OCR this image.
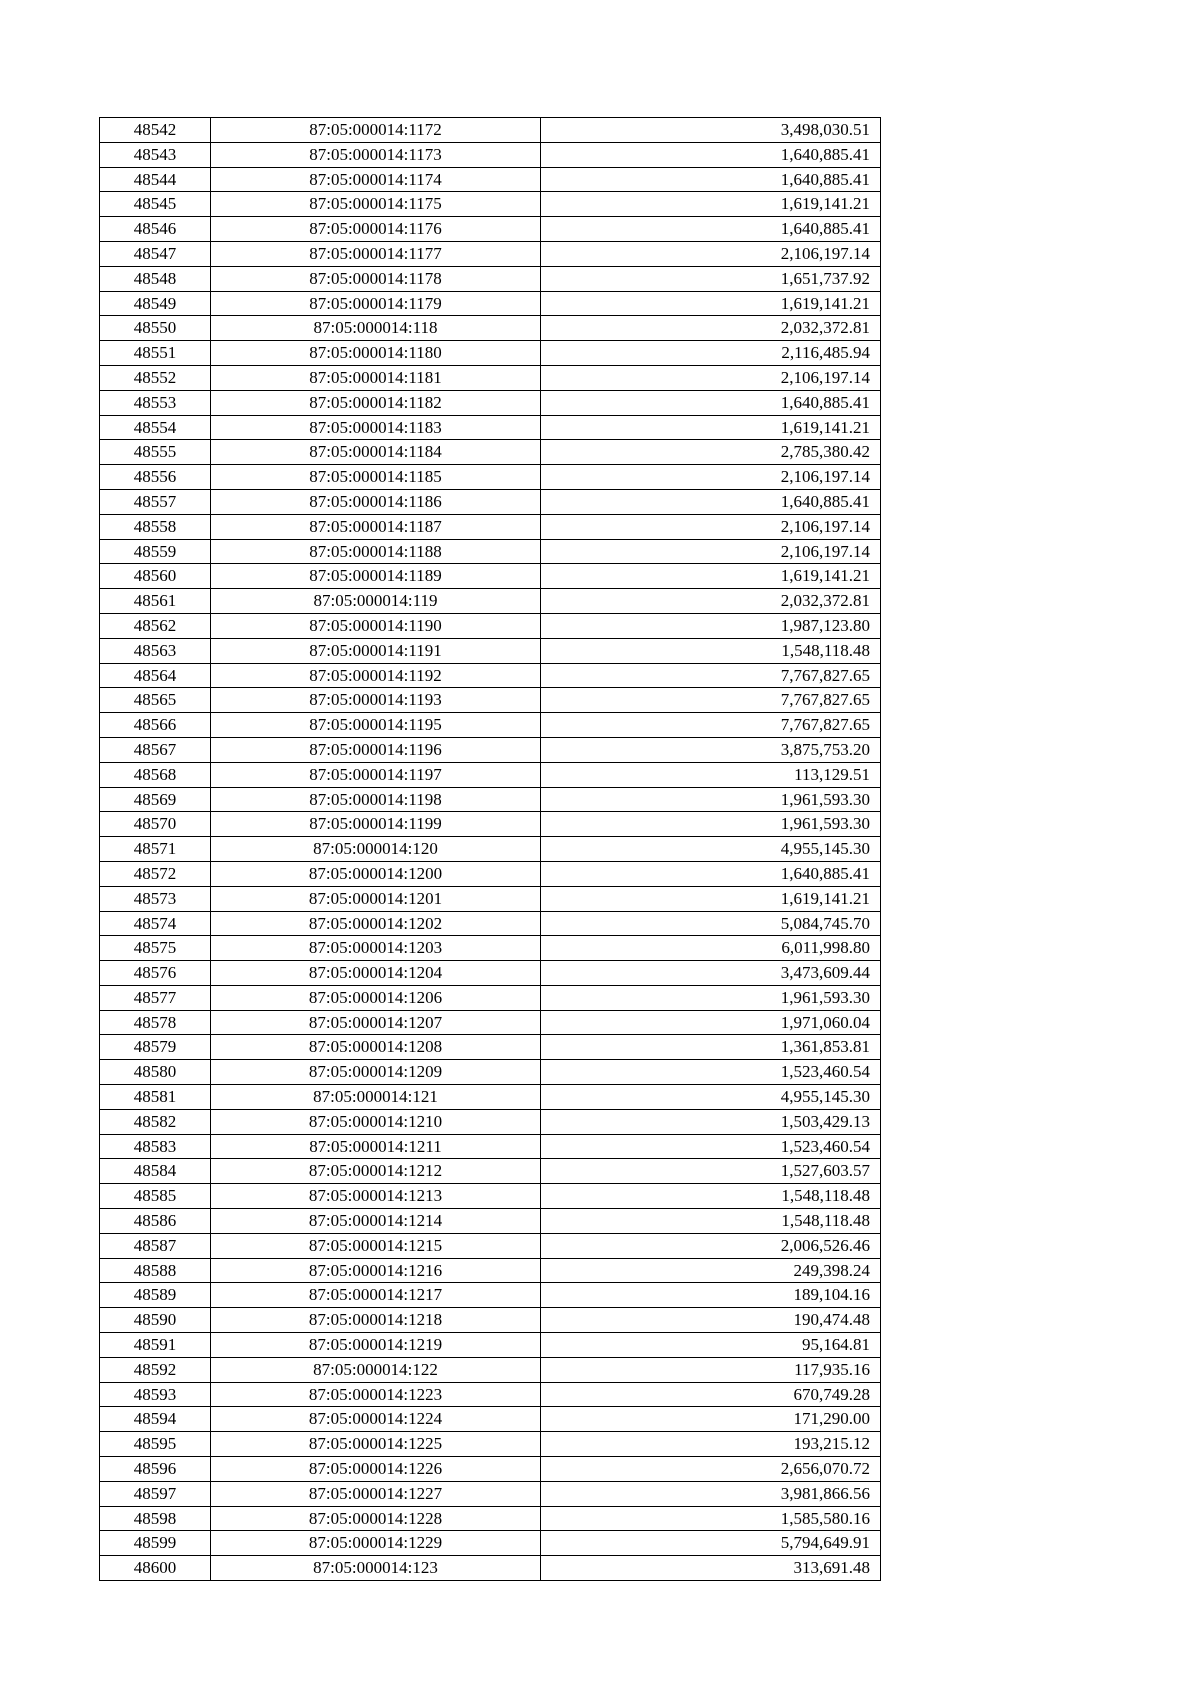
48542	87:05:000014:1172	3,498,030.51
48543	87:05:000014:1173	1,640,885.41
48544	87:05:000014:1174	1,640,885.41
48545	87:05:000014:1175	1,619,141.21
48546	87:05:000014:1176	1,640,885.41
48547	87:05:000014:1177	2,106,197.14
48548	87:05:000014:1178	1,651,737.92
48549	87:05:000014:1179	1,619,141.21
48550	87:05:000014:118	2,032,372.81
48551	87:05:000014:1180	2,116,485.94
48552	87:05:000014:1181	2,106,197.14
48553	87:05:000014:1182	1,640,885.41
48554	87:05:000014:1183	1,619,141.21
48555	87:05:000014:1184	2,785,380.42
48556	87:05:000014:1185	2,106,197.14
48557	87:05:000014:1186	1,640,885.41
48558	87:05:000014:1187	2,106,197.14
48559	87:05:000014:1188	2,106,197.14
48560	87:05:000014:1189	1,619,141.21
48561	87:05:000014:119	2,032,372.81
48562	87:05:000014:1190	1,987,123.80
48563	87:05:000014:1191	1,548,118.48
48564	87:05:000014:1192	7,767,827.65
48565	87:05:000014:1193	7,767,827.65
48566	87:05:000014:1195	7,767,827.65
48567	87:05:000014:1196	3,875,753.20
48568	87:05:000014:1197	113,129.51
48569	87:05:000014:1198	1,961,593.30
48570	87:05:000014:1199	1,961,593.30
48571	87:05:000014:120	4,955,145.30
48572	87:05:000014:1200	1,640,885.41
48573	87:05:000014:1201	1,619,141.21
48574	87:05:000014:1202	5,084,745.70
48575	87:05:000014:1203	6,011,998.80
48576	87:05:000014:1204	3,473,609.44
48577	87:05:000014:1206	1,961,593.30
48578	87:05:000014:1207	1,971,060.04
48579	87:05:000014:1208	1,361,853.81
48580	87:05:000014:1209	1,523,460.54
48581	87:05:000014:121	4,955,145.30
48582	87:05:000014:1210	1,503,429.13
48583	87:05:000014:1211	1,523,460.54
48584	87:05:000014:1212	1,527,603.57
48585	87:05:000014:1213	1,548,118.48
48586	87:05:000014:1214	1,548,118.48
48587	87:05:000014:1215	2,006,526.46
48588	87:05:000014:1216	249,398.24
48589	87:05:000014:1217	189,104.16
48590	87:05:000014:1218	190,474.48
48591	87:05:000014:1219	95,164.81
48592	87:05:000014:122	117,935.16
48593	87:05:000014:1223	670,749.28
48594	87:05:000014:1224	171,290.00
48595	87:05:000014:1225	193,215.12
48596	87:05:000014:1226	2,656,070.72
48597	87:05:000014:1227	3,981,866.56
48598	87:05:000014:1228	1,585,580.16
48599	87:05:000014:1229	5,794,649.91
48600	87:05:000014:123	313,691.48
